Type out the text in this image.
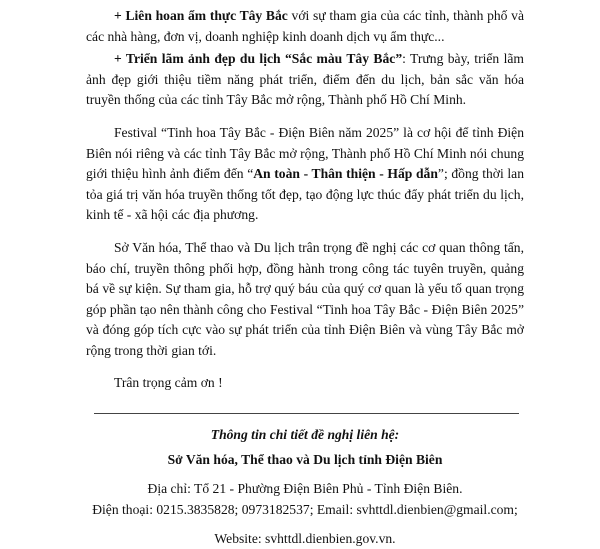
+ Liên hoan ẩm thực Tây Bắc với sự tham gia của các tỉnh, thành phố và các nhà hàng, đơn vị, doanh nghiệp kinh doanh dịch vụ ẩm thực...

+ Triển lãm ảnh đẹp du lịch “Sắc màu Tây Bắc”: Trưng bày, triển lãm ảnh đẹp giới thiệu tiềm năng phát triển, điểm đến du lịch, bản sắc văn hóa truyền thống của các tỉnh Tây Bắc mở rộng, Thành phố Hồ Chí Minh.

Festival “Tinh hoa Tây Bắc - Điện Biên năm 2025” là cơ hội để tỉnh Điện Biên nói riêng và các tỉnh Tây Bắc mở rộng, Thành phố Hồ Chí Minh nói chung giới thiệu hình ảnh điểm đến “An toàn - Thân thiện - Hấp dẫn”; đồng thời lan tỏa giá trị văn hóa truyền thống tốt đẹp, tạo động lực thúc đẩy phát triển du lịch, kinh tế - xã hội các địa phương.

Sở Văn hóa, Thể thao và Du lịch trân trọng đề nghị các cơ quan thông tấn, báo chí, truyền thông phối hợp, đồng hành trong công tác tuyên truyền, quảng bá về sự kiện. Sự tham gia, hỗ trợ quý báu của quý cơ quan là yếu tố quan trọng góp phần tạo nên thành công cho Festival “Tinh hoa Tây Bắc - Điện Biên 2025” và đóng góp tích cực vào sự phát triển của tỉnh Điện Biên và vùng Tây Bắc mở rộng trong thời gian tới.

Trân trọng cảm ơn !

Thông tin chi tiết đề nghị liên hệ:

Sở Văn hóa, Thể thao và Du lịch tỉnh Điện Biên

Địa chỉ: Tổ 21 - Phường Điện Biên Phủ - Tỉnh Điện Biên.

Điện thoại: 0215.3835828; 0973182537; Email: svhttdl.dienbien@gmail.com;

Website: svhttdl.dienbien.gov.vn.
